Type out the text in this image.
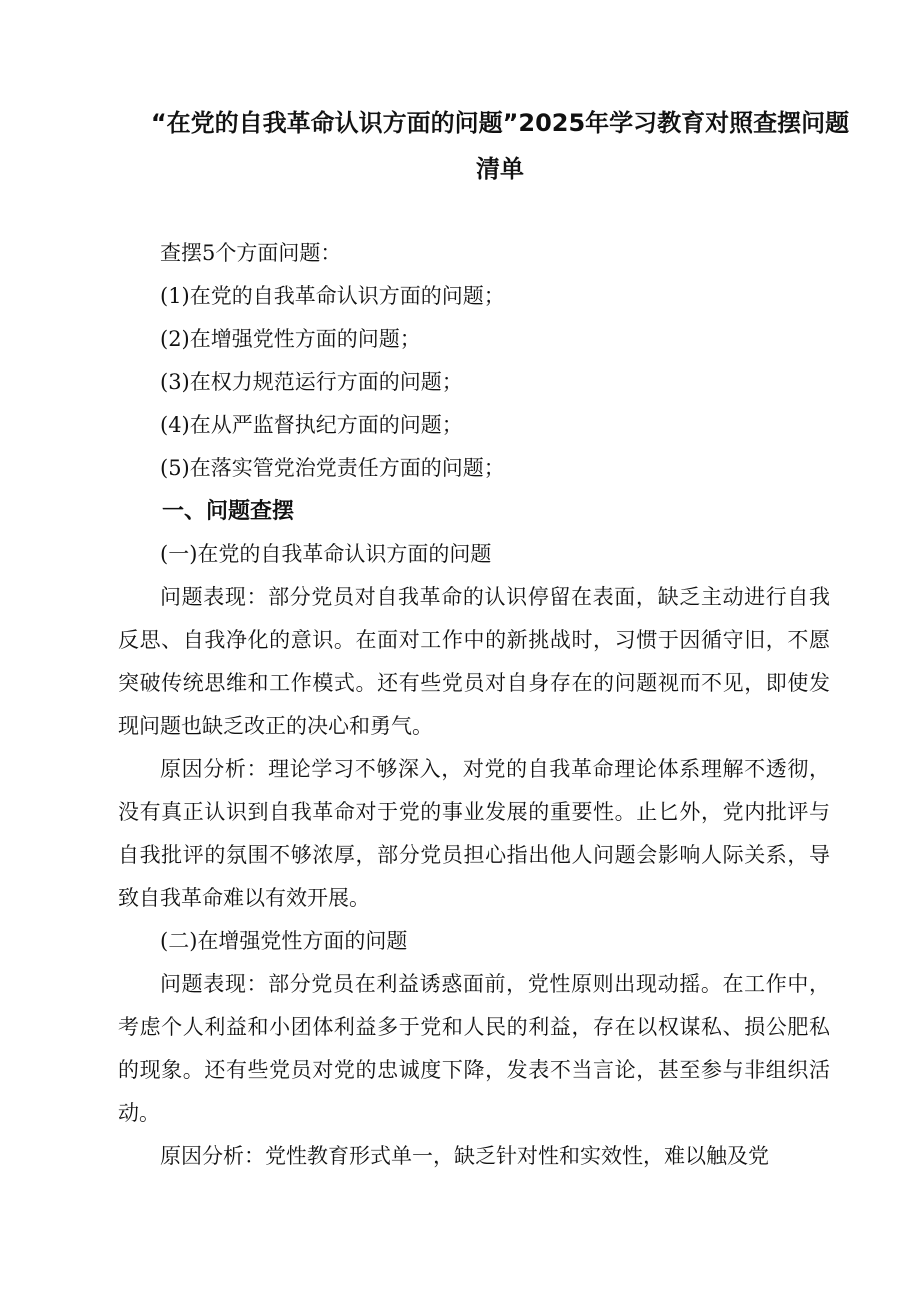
“在党的自我革命认识方面的问题”2025年学习教育对照查摆问题清单

查摆5个方面问题：

(1)在党的自我革命认识方面的问题；

(2)在增强党性方面的问题；

(3)在权力规范运行方面的问题；

(4)在从严监督执纪方面的问题；

(5)在落实管党治党责任方面的问题；

一、问题查摆

(一)在党的自我革命认识方面的问题

问题表现：部分党员对自我革命的认识停留在表面，缺乏主动进行自我反思、自我净化的意识。在面对工作中的新挑战时，习惯于因循守旧，不愿突破传统思维和工作模式。还有些党员对自身存在的问题视而不见，即使发现问题也缺乏改正的决心和勇气。

原因分析：理论学习不够深入，对党的自我革命理论体系理解不透彻，没有真正认识到自我革命对于党的事业发展的重要性。止匕外，党内批评与自我批评的氛围不够浓厚，部分党员担心指出他人问题会影响人际关系，导致自我革命难以有效开展。

(二)在增强党性方面的问题

问题表现：部分党员在利益诱惑面前，党性原则出现动摇。在工作中，考虑个人利益和小团体利益多于党和人民的利益，存在以权谋私、损公肥私的现象。还有些党员对党的忠诚度下降，发表不当言论，甚至参与非组织活动。

原因分析：党性教育形式单一，缺乏针对性和实效性，难以触及党
